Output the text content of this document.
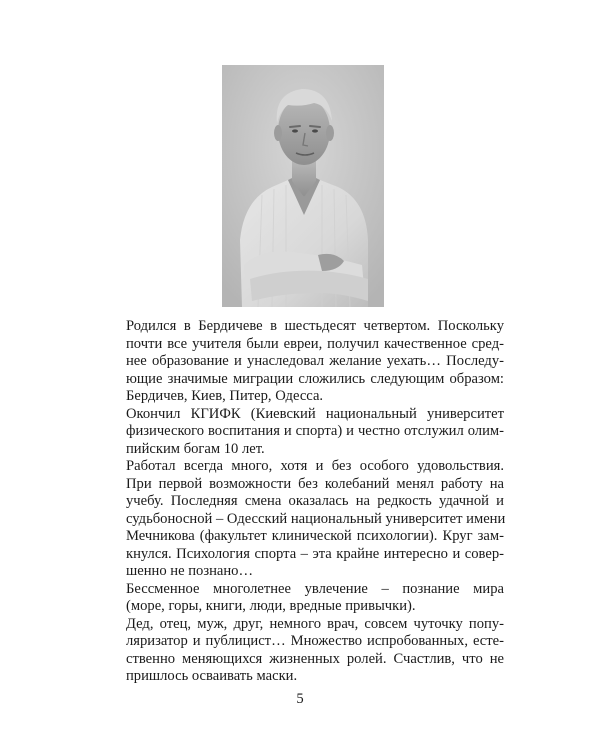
Родился в Бердичеве в шестьдесят четвертом. Поскольку
почти все учителя были евреи, получил качественное сред-
нее образование и унаследовал желание уехать… Последу-
ющие значимые миграции сложились следующим образом:
Бердичев, Киев, Питер, Одесса.

Окончил КГИФК (Киевский национальный университет
физического воспитания и спорта) и честно отслужил олим-
пийским богам 10 лет.

Работал всегда много, хотя и без особого удовольствия.
При первой возможности без колебаний менял работу на
учебу. Последняя смена оказалась на редкость удачной и
судьбоносной – Одесский национальный университет имени
Мечникова (факультет клинической психологии). Круг зам-
кнулся. Психология спорта – эта крайне интересно и совер-
шенно не познано…

Бессменное многолетнее увлечение – познание мира
(море, горы, книги, люди, вредные привычки).

Дед, отец, муж, друг, немного врач, совсем чуточку попу-
ляризатор и публицист… Множество испробованных, есте-
ственно меняющихся жизненных ролей. Счастлив, что не
пришлось осваивать маски.

5
